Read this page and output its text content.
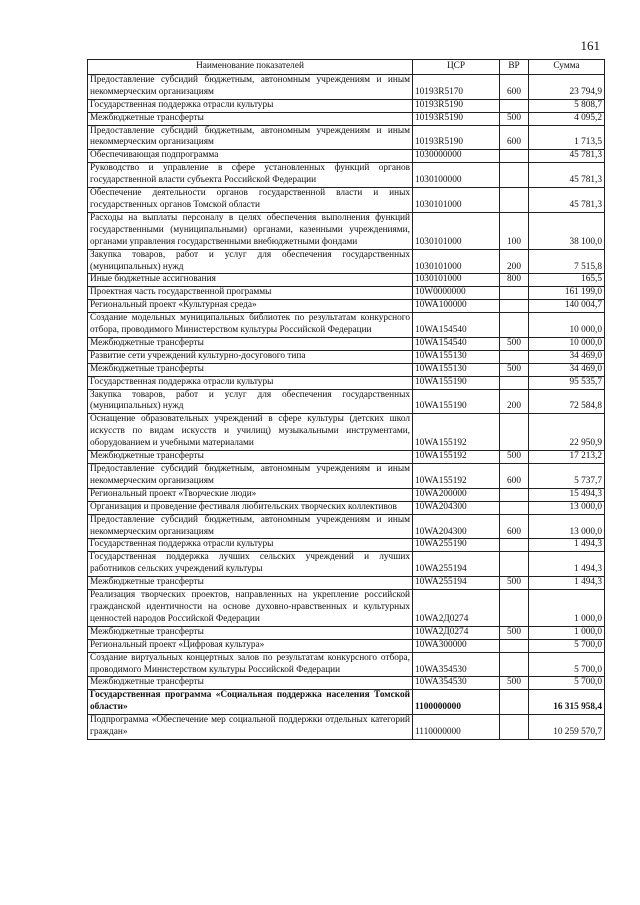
161
Наименование показателей	ЦСР	ВР	Сумма
Предоставление субсидий бюджетным, автономным учреждениям и иным некоммерческим организациям	10193R5170	600	23 794,9
Государственная поддержка отрасли культуры	10193R5190		5 808,7
Межбюджетные трансферты	10193R5190	500	4 095,2
Предоставление субсидий бюджетным, автономным учреждениям и иным некоммерческим организациям	10193R5190	600	1 713,5
Обеспечивающая подпрограмма	1030000000		45 781,3
Руководство и управление в сфере установленных функций органов государственной власти субъекта Российской Федерации	1030100000		45 781,3
Обеспечение деятельности органов государственной власти и иных государственных органов Томской области	1030101000		45 781,3
Расходы на выплаты персоналу в целях обеспечения выполнения функций государственными (муниципальными) органами, казенными учреждениями, органами управления государственными внебюджетными фондами	1030101000	100	38 100,0
Закупка товаров, работ и услуг для обеспечения государственных (муниципальных) нужд	1030101000	200	7 515,8
Иные бюджетные ассигнования	1030101000	800	165,5
Проектная часть государственной программы	10W0000000		161 199,0
Региональный проект «Культурная среда»	10WA100000		140 004,7
Создание модельных муниципальных библиотек по результатам конкурсного отбора, проводимого Министерством культуры Российской Федерации	10WA154540		10 000,0
Межбюджетные трансферты	10WA154540	500	10 000,0
Развитие сети учреждений культурно-досугового типа	10WA155130		34 469,0
Межбюджетные трансферты	10WA155130	500	34 469,0
Государственная поддержка отрасли культуры	10WA155190		95 535,7
Закупка товаров, работ и услуг для обеспечения государственных (муниципальных) нужд	10WA155190	200	72 584,8
Оснащение образовательных учреждений в сфере культуры (детских школ искусств по видам искусств и училищ) музыкальными инструментами, оборудованием и учебными материалами	10WA155192		22 950,9
Межбюджетные трансферты	10WA155192	500	17 213,2
Предоставление субсидий бюджетным, автономным учреждениям и иным некоммерческим организациям	10WA155192	600	5 737,7
Региональный проект «Творческие люди»	10WA200000		15 494,3
Организация и проведение фестиваля любительских творческих коллективов	10WA204300		13 000,0
Предоставление субсидий бюджетным, автономным учреждениям и иным некоммерческим организациям	10WA204300	600	13 000,0
Государственная поддержка отрасли культуры	10WA255190		1 494,3
Государственная поддержка лучших сельских учреждений и лучших работников сельских учреждений культуры	10WA255194		1 494,3
Межбюджетные трансферты	10WA255194	500	1 494,3
Реализация творческих проектов, направленных на укрепление российской гражданской идентичности на основе духовно-нравственных и культурных ценностей народов Российской Федерации	10WA2Д0274		1 000,0
Межбюджетные трансферты	10WA2Д0274	500	1 000,0
Региональный проект «Цифровая культура»	10WA300000		5 700,0
Создание виртуальных концертных залов по результатам конкурсного отбора, проводимого Министерством культуры Российской Федерации	10WA354530		5 700,0
Межбюджетные трансферты	10WA354530	500	5 700,0
Государственная программа «Социальная поддержка населения Томской области»	1100000000		16 315 958,4
Подпрограмма «Обеспечение мер социальной поддержки отдельных категорий граждан»	1110000000		10 259 570,7
